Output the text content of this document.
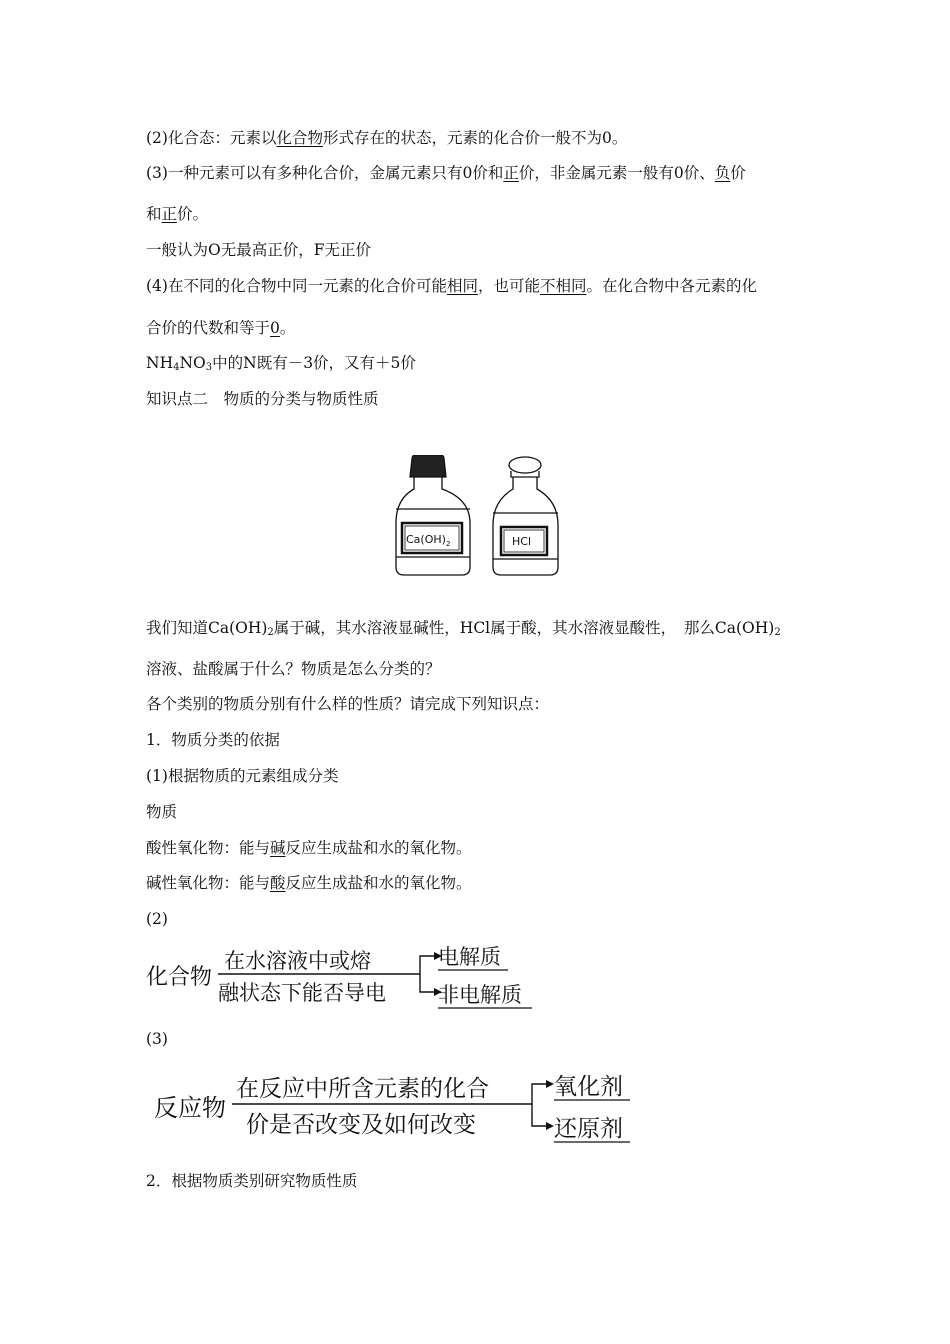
(2)化合态：元素以化合物形式存在的状态，元素的化合价一般不为0。
(3)一种元素可以有多种化合价，金属元素只有0价和正价，非金属元素一般有0价、负价
和正价。
一般认为O无最高正价，F无正价
(4)在不同的化合物中同一元素的化合价可能相同，也可能不相同。在化合物中各元素的化
合价的代数和等于0。
$NH_4NO_3$中的N既有－3价，又有＋5价
知识点二　物质的分类与物质性质
$Ca(OH)_2$	HCl
我们知道$Ca(OH)_2$属于碱，其水溶液显碱性，HCl属于酸，其水溶液显酸性，　那么$Ca(OH)_2$
溶液、盐酸属于什么？物质是怎么分类的？
各个类别的物质分别有什么样的性质？请完成下列知识点：
1．物质分类的依据
(1)根据物质的元素组成分类
物质
酸性氧化物：能与碱反应生成盐和水的氧化物。
碱性氧化物：能与酸反应生成盐和水的氧化物。
(2)
化合物
在水溶液中或熔
融状态下能否导电
电解质
非电解质
(3)
反应物
在反应中所含元素的化合
价是否改变及如何改变
氧化剂
还原剂
2．根据物质类别研究物质性质
